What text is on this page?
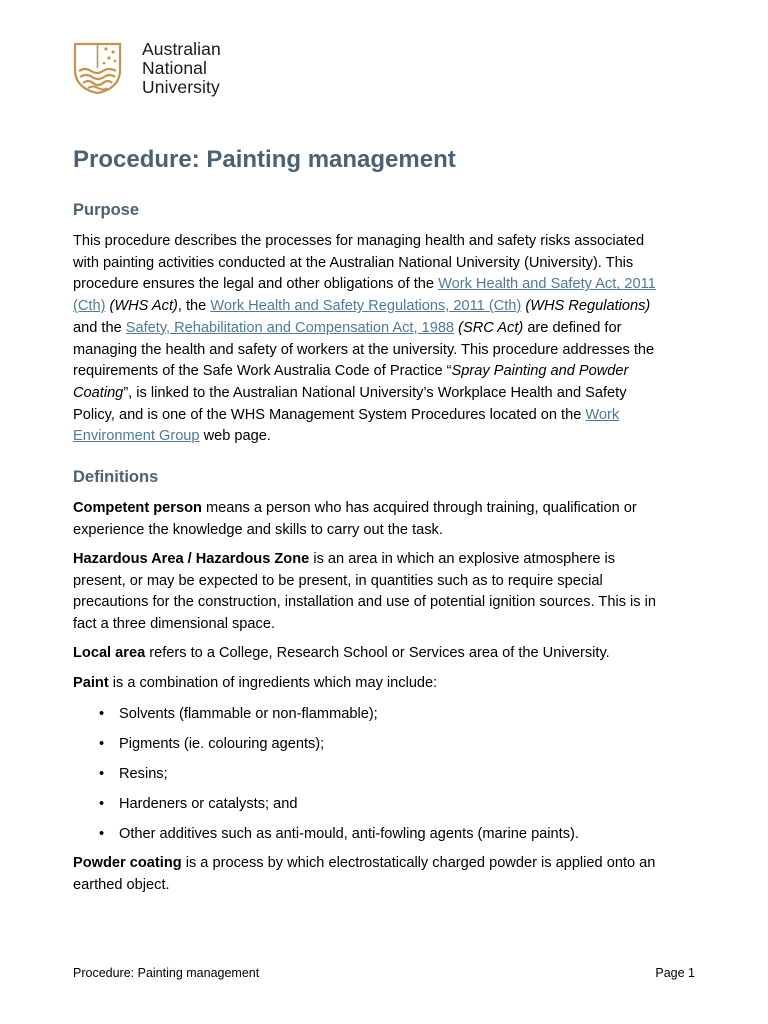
Australian
National
University
Procedure: Painting management
Purpose
This procedure describes the processes for managing health and safety risks associated
with painting activities conducted at the Australian National University (University). This
procedure ensures the legal and other obligations of the Work Health and Safety Act, 2011
(Cth) (WHS Act), the Work Health and Safety Regulations, 2011 (Cth) (WHS Regulations)
and the Safety, Rehabilitation and Compensation Act, 1988 (SRC Act) are defined for
managing the health and safety of workers at the university. This procedure addresses the
requirements of the Safe Work Australia Code of Practice “Spray Painting and Powder
Coating”, is linked to the Australian National University’s Workplace Health and Safety
Policy, and is one of the WHS Management System Procedures located on the Work
Environment Group web page.
Definitions
Competent person means a person who has acquired through training, qualification or
experience the knowledge and skills to carry out the task.
Hazardous Area / Hazardous Zone is an area in which an explosive atmosphere is
present, or may be expected to be present, in quantities such as to require special
precautions for the construction, installation and use of potential ignition sources. This is in
fact a three dimensional space.
Local area refers to a College, Research School or Services area of the University.
Paint is a combination of ingredients which may include:
• Solvents (flammable or non-flammable);
• Pigments (ie. colouring agents);
• Resins;
• Hardeners or catalysts; and
• Other additives such as anti-mould, anti-fowling agents (marine paints).
Powder coating is a process by which electrostatically charged powder is applied onto an
earthed object.
Procedure: Painting management	Page 1
